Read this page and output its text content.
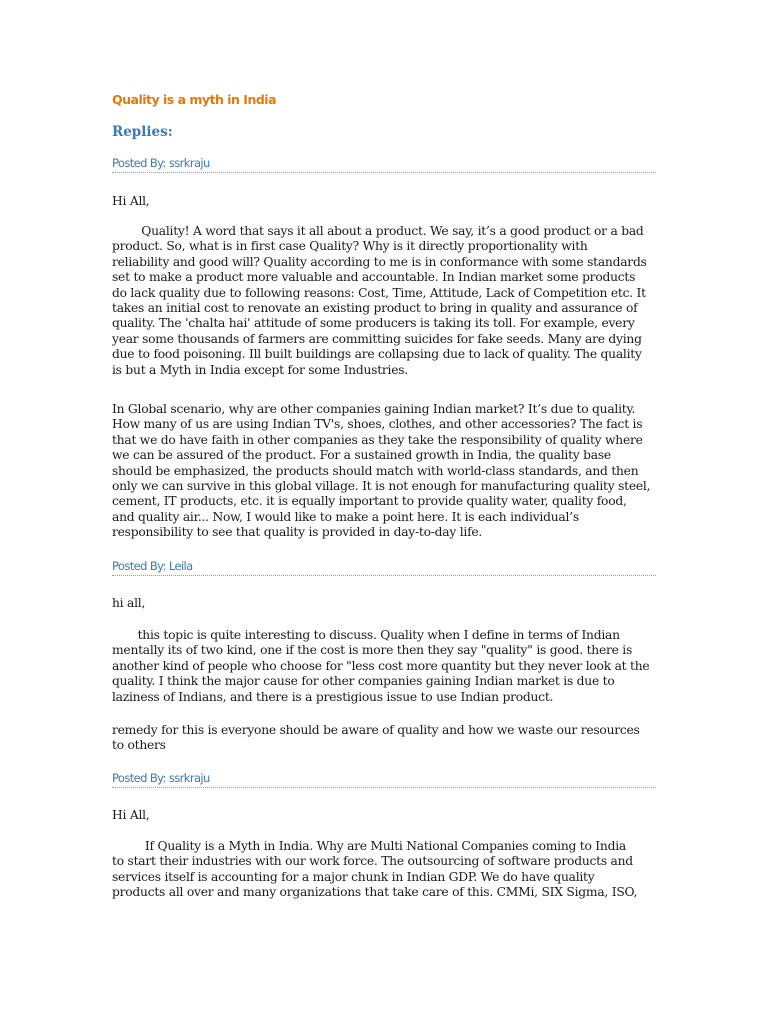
Quality is a myth in India
Replies:
Posted By: ssrkraju
Hi All,
Quality! A word that says it all about a product. We say, it’s a good product or a bad
product. So, what is in first case Quality? Why is it directly proportionality with
reliability and good will? Quality according to me is in conformance with some standards
set to make a product more valuable and accountable. In Indian market some products
do lack quality due to following reasons: Cost, Time, Attitude, Lack of Competition etc. It
takes an initial cost to renovate an existing product to bring in quality and assurance of
quality. The 'chalta hai' attitude of some producers is taking its toll. For example, every
year some thousands of farmers are committing suicides for fake seeds. Many are dying
due to food poisoning. Ill built buildings are collapsing due to lack of quality. The quality
is but a Myth in India except for some Industries.
In Global scenario, why are other companies gaining Indian market? It’s due to quality.
How many of us are using Indian TV's, shoes, clothes, and other accessories? The fact is
that we do have faith in other companies as they take the responsibility of quality where
we can be assured of the product. For a sustained growth in India, the quality base
should be emphasized, the products should match with world-class standards, and then
only we can survive in this global village. It is not enough for manufacturing quality steel,
cement, IT products, etc. it is equally important to provide quality water, quality food,
and quality air... Now, I would like to make a point here. It is each individual’s
responsibility to see that quality is provided in day-to-day life.
Posted By: Leila
hi all,
this topic is quite interesting to discuss. Quality when I define in terms of Indian
mentally its of two kind, one if the cost is more then they say "quality" is good. there is
another kind of people who choose for "less cost more quantity but they never look at the
quality. I think the major cause for other companies gaining Indian market is due to
laziness of Indians, and there is a prestigious issue to use Indian product.
remedy for this is everyone should be aware of quality and how we waste our resources
to others
Posted By: ssrkraju
Hi All,
If Quality is a Myth in India. Why are Multi National Companies coming to India
to start their industries with our work force. The outsourcing of software products and
services itself is accounting for a major chunk in Indian GDP. We do have quality
products all over and many organizations that take care of this. CMMi, SIX Sigma, ISO,
